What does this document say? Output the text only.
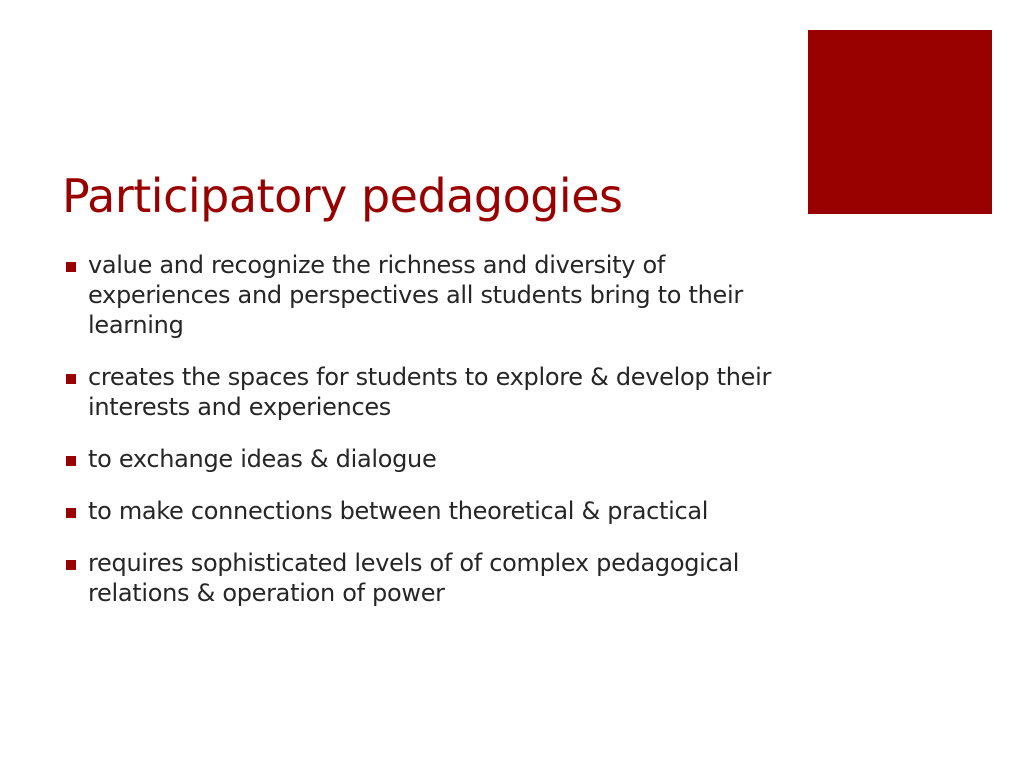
Participatory pedagogies
value and recognize the richness and diversity of experiences and perspectives all students bring to their learning
creates the spaces for students to explore & develop their interests and experiences
to exchange ideas & dialogue
to make connections between theoretical & practical
requires sophisticated levels of of complex pedagogical relations & operation of power
